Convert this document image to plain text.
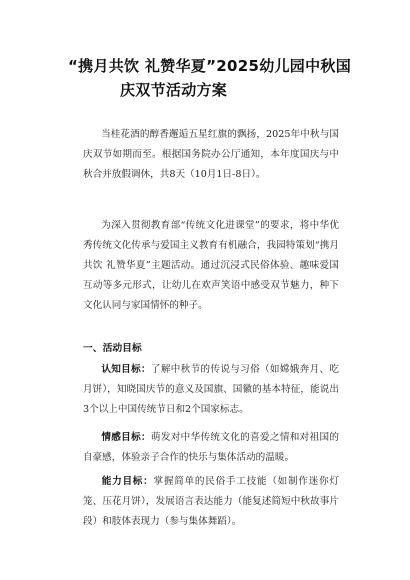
“携月共饮 礼赞华夏”2025幼儿园中秋国
庆双节活动方案
当桂花酒的醇香邂逅五星红旗的飘扬，2025年中秋与国庆双节如期而至。根据国务院办公厅通知，本年度国庆与中秋合并放假调休，共8天（10月1日-8日）。
为深入贯彻教育部“传统文化进课堂”的要求，将中华优秀传统文化传承与爱国主义教育有机融合，我园特策划“携月共饮 礼赞华夏”主题活动。通过沉浸式民俗体验、趣味爱国互动等多元形式，让幼儿在欢声笑语中感受双节魅力，种下文化认同与家国情怀的种子。
一、活动目标
认知目标：了解中秋节的传说与习俗（如嫦娥奔月、吃月饼），知晓国庆节的意义及国旗、国徽的基本特征，能说出3个以上中国传统节日和2个国家标志。
情感目标：萌发对中华传统文化的喜爱之情和对祖国的自豪感，体验亲子合作的快乐与集体活动的温暖。
能力目标：掌握简单的民俗手工技能（如制作迷你灯笼、压花月饼），发展语言表达能力（能复述简短中秋故事片段）和肢体表现力（参与集体舞蹈）。
